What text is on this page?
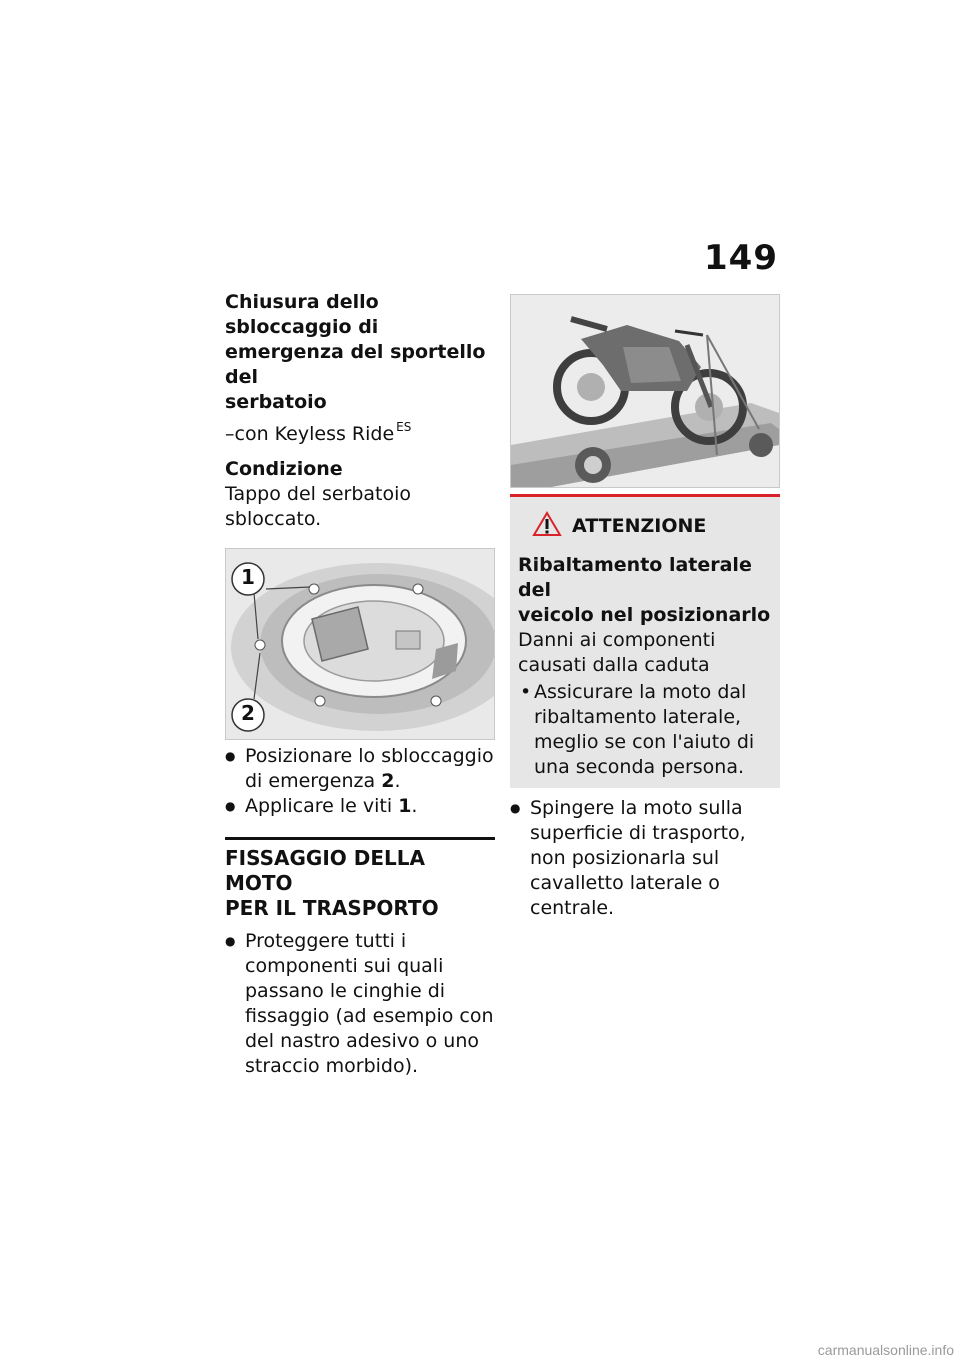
149
Chiusura dello sbloccaggio di
emergenza del sportello del
serbatoio
–con Keyless Ride $^{ES}$
Condizione
Tappo del serbatoio sbloccato.
1
2
● Posizionare lo sbloccaggio di emergenza 2.
● Applicare le viti 1.
FISSAGGIO DELLA MOTO
PER IL TRASPORTO
● Proteggere tutti i componenti sui quali passano le cinghie di fissaggio (ad esempio con del nastro adesivo o uno straccio morbido).
ATTENZIONE
Ribaltamento laterale del
veicolo nel posizionarlo
Danni ai componenti causati dalla caduta
• Assicurare la moto dal ribaltamento laterale, meglio se con l'aiuto di una seconda persona.
● Spingere la moto sulla superficie di trasporto, non posizionarla sul cavalletto laterale o centrale.
carmanualsonline.info
